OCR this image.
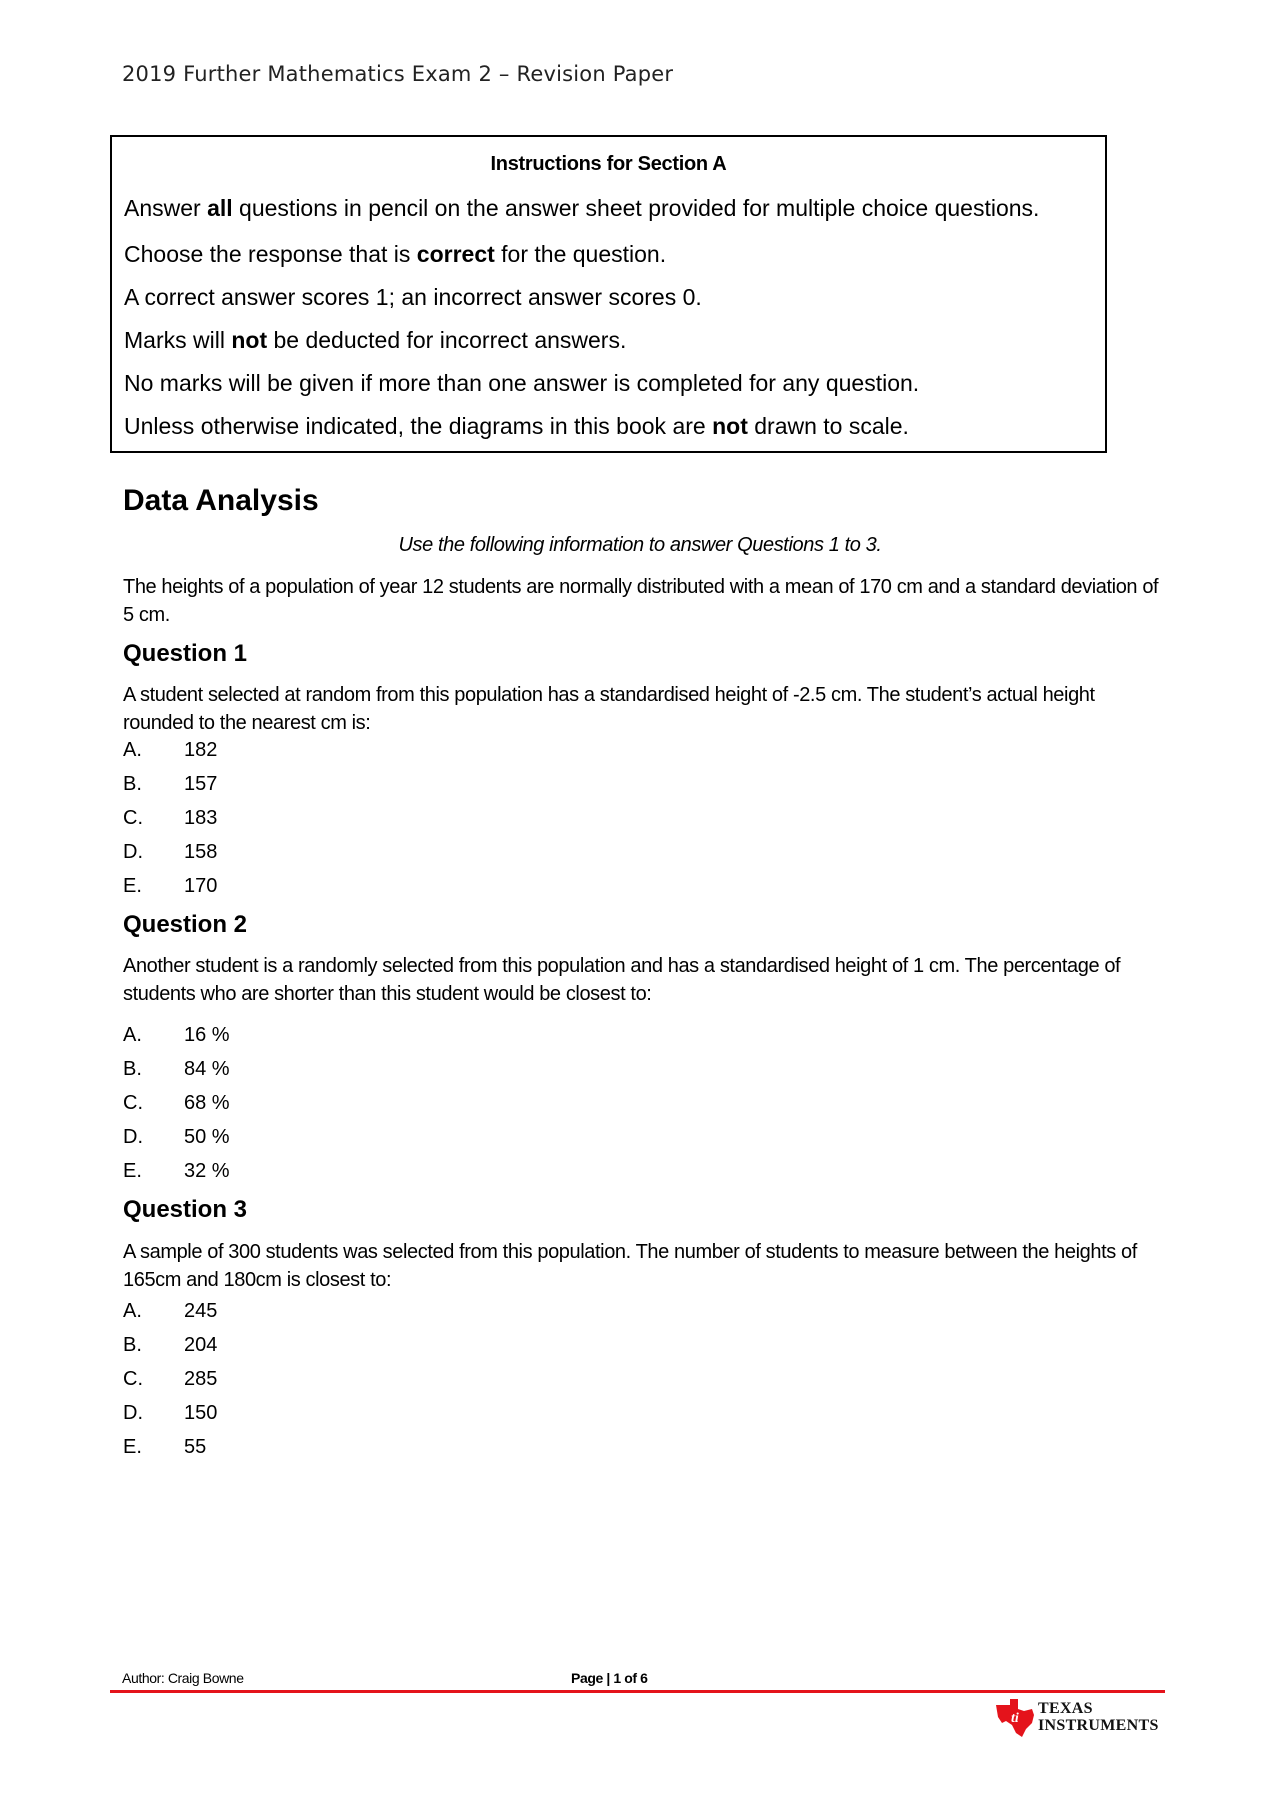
2019 Further Mathematics Exam 2 – Revision Paper
Instructions for Section A
Answer all questions in pencil on the answer sheet provided for multiple choice questions.
Choose the response that is correct for the question.
A correct answer scores 1; an incorrect answer scores 0.
Marks will not be deducted for incorrect answers.
No marks will be given if more than one answer is completed for any question.
Unless otherwise indicated, the diagrams in this book are not drawn to scale.
Data Analysis
Use the following information to answer Questions 1 to 3.
The heights of a population of year 12 students are normally distributed with a mean of 170 cm and a standard deviation of 5 cm.
Question 1
A student selected at random from this population has a standardised height of -2.5 cm. The student’s actual height rounded to the nearest cm is:
A. 182
B. 157
C. 183
D. 158
E. 170
Question 2
Another student is a randomly selected from this population and has a standardised height of 1 cm. The percentage of students who are shorter than this student would be closest to:
A. 16 %
B. 84 %
C. 68 %
D. 50 %
E. 32 %
Question 3
A sample of 300 students was selected from this population. The number of students to measure between the heights of 165cm and 180cm is closest to:
A. 245
B. 204
C. 285
D. 150
E. 55
Author: Craig Bowne	Page | 1 of 6
ti
TEXAS
INSTRUMENTS
